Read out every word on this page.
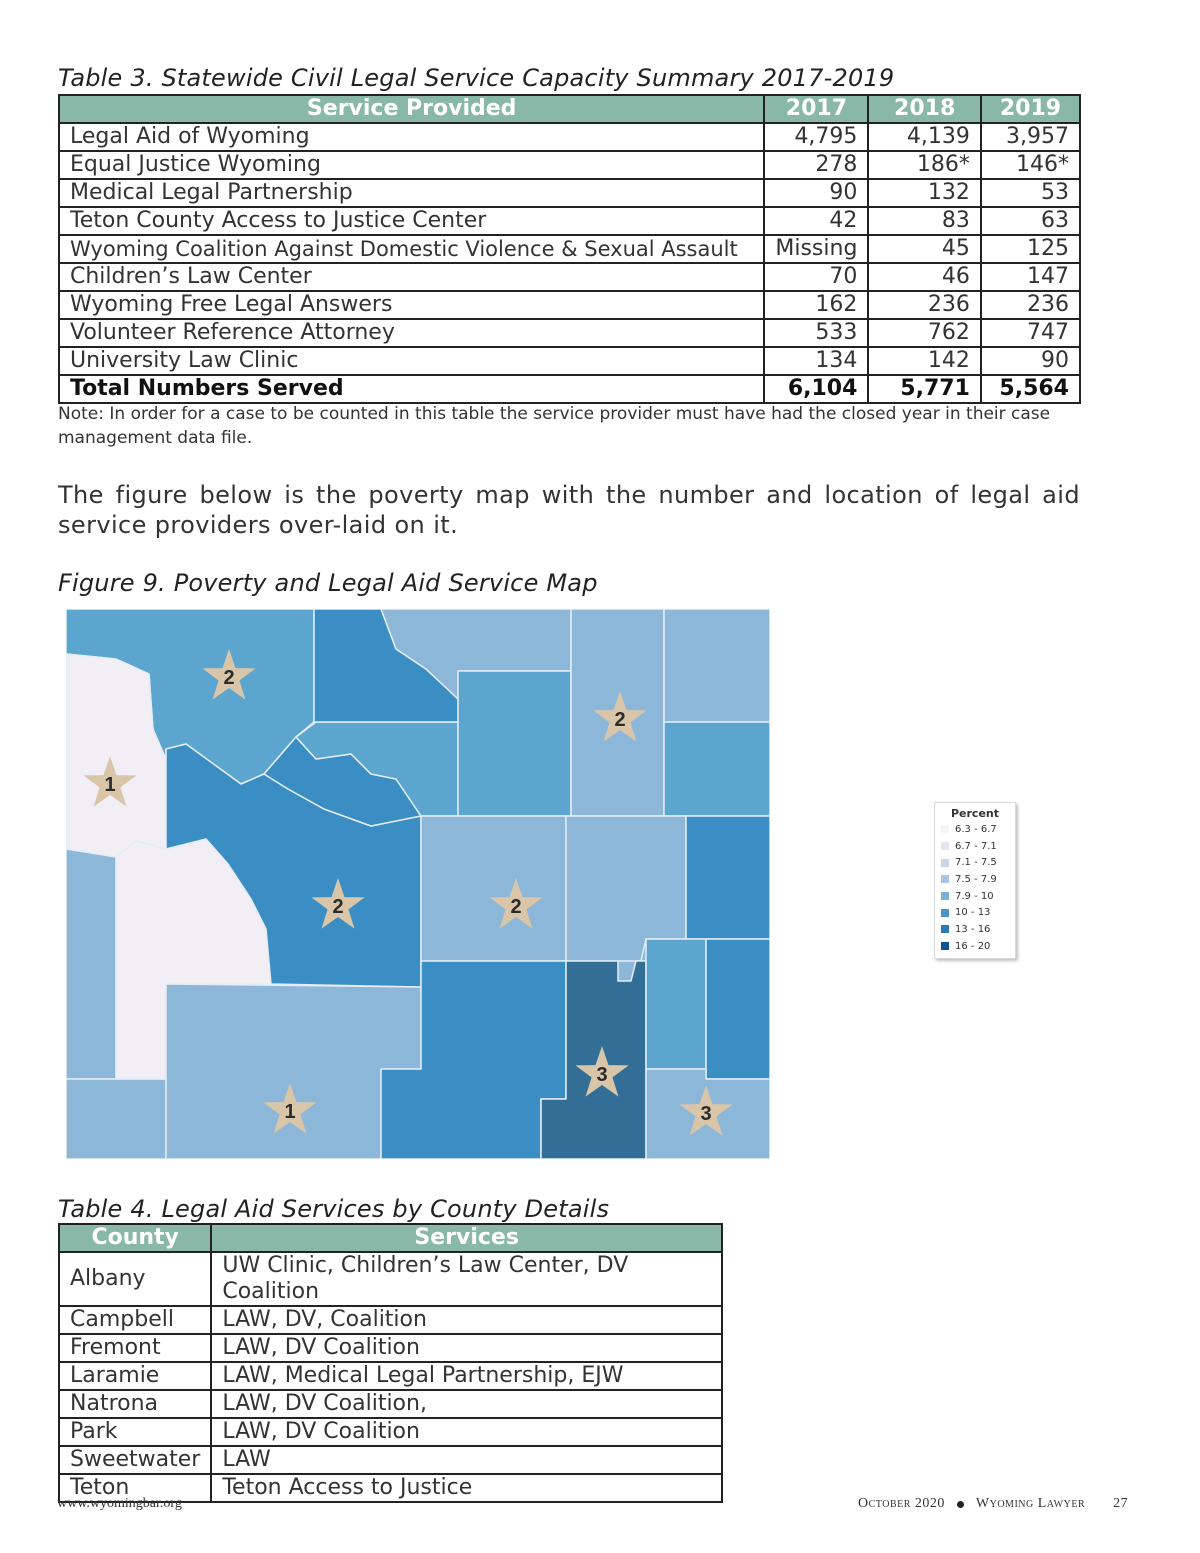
Table 3. Statewide Civil Legal Service Capacity Summary 2017-2019
Service Provided	2017	2018	2019
Legal Aid of Wyoming	4,795	4,139	3,957
Equal Justice Wyoming	278	186*	146*
Medical Legal Partnership	90	132	53
Teton County Access to Justice Center	42	83	63
Wyoming Coalition Against Domestic Violence & Sexual Assault	Missing	45	125
Children’s Law Center	70	46	147
Wyoming Free Legal Answers	162	236	236
Volunteer Reference Attorney	533	762	747
University Law Clinic	134	142	90
Total Numbers Served	6,104	5,771	5,564
Note: In order for a case to be counted in this table the service provider must have had the closed year in their case management data file.
The figure below is the poverty map with the number and location of legal aid service providers over-laid on it.
Figure 9. Poverty and Legal Aid Service Map
2
2
1
2	2
3
1	3
Percent
6.3 - 6.7
6.7 - 7.1
7.1 - 7.5
7.5 - 7.9
7.9 - 10
10 - 13
13 - 16
16 - 20
Table 4. Legal Aid Services by County Details
County	Services
Albany	UW Clinic, Children’s Law Center, DV Coalition
Campbell	LAW, DV, Coalition
Fremont	LAW, DV Coalition
Laramie	LAW, Medical Legal Partnership, EJW
Natrona	LAW, DV Coalition,
Park	LAW, DV Coalition
Sweetwater	LAW
Teton	Teton Access to Justice
www.wyomingbar.org	October 2020 Wyoming Lawyer 27
